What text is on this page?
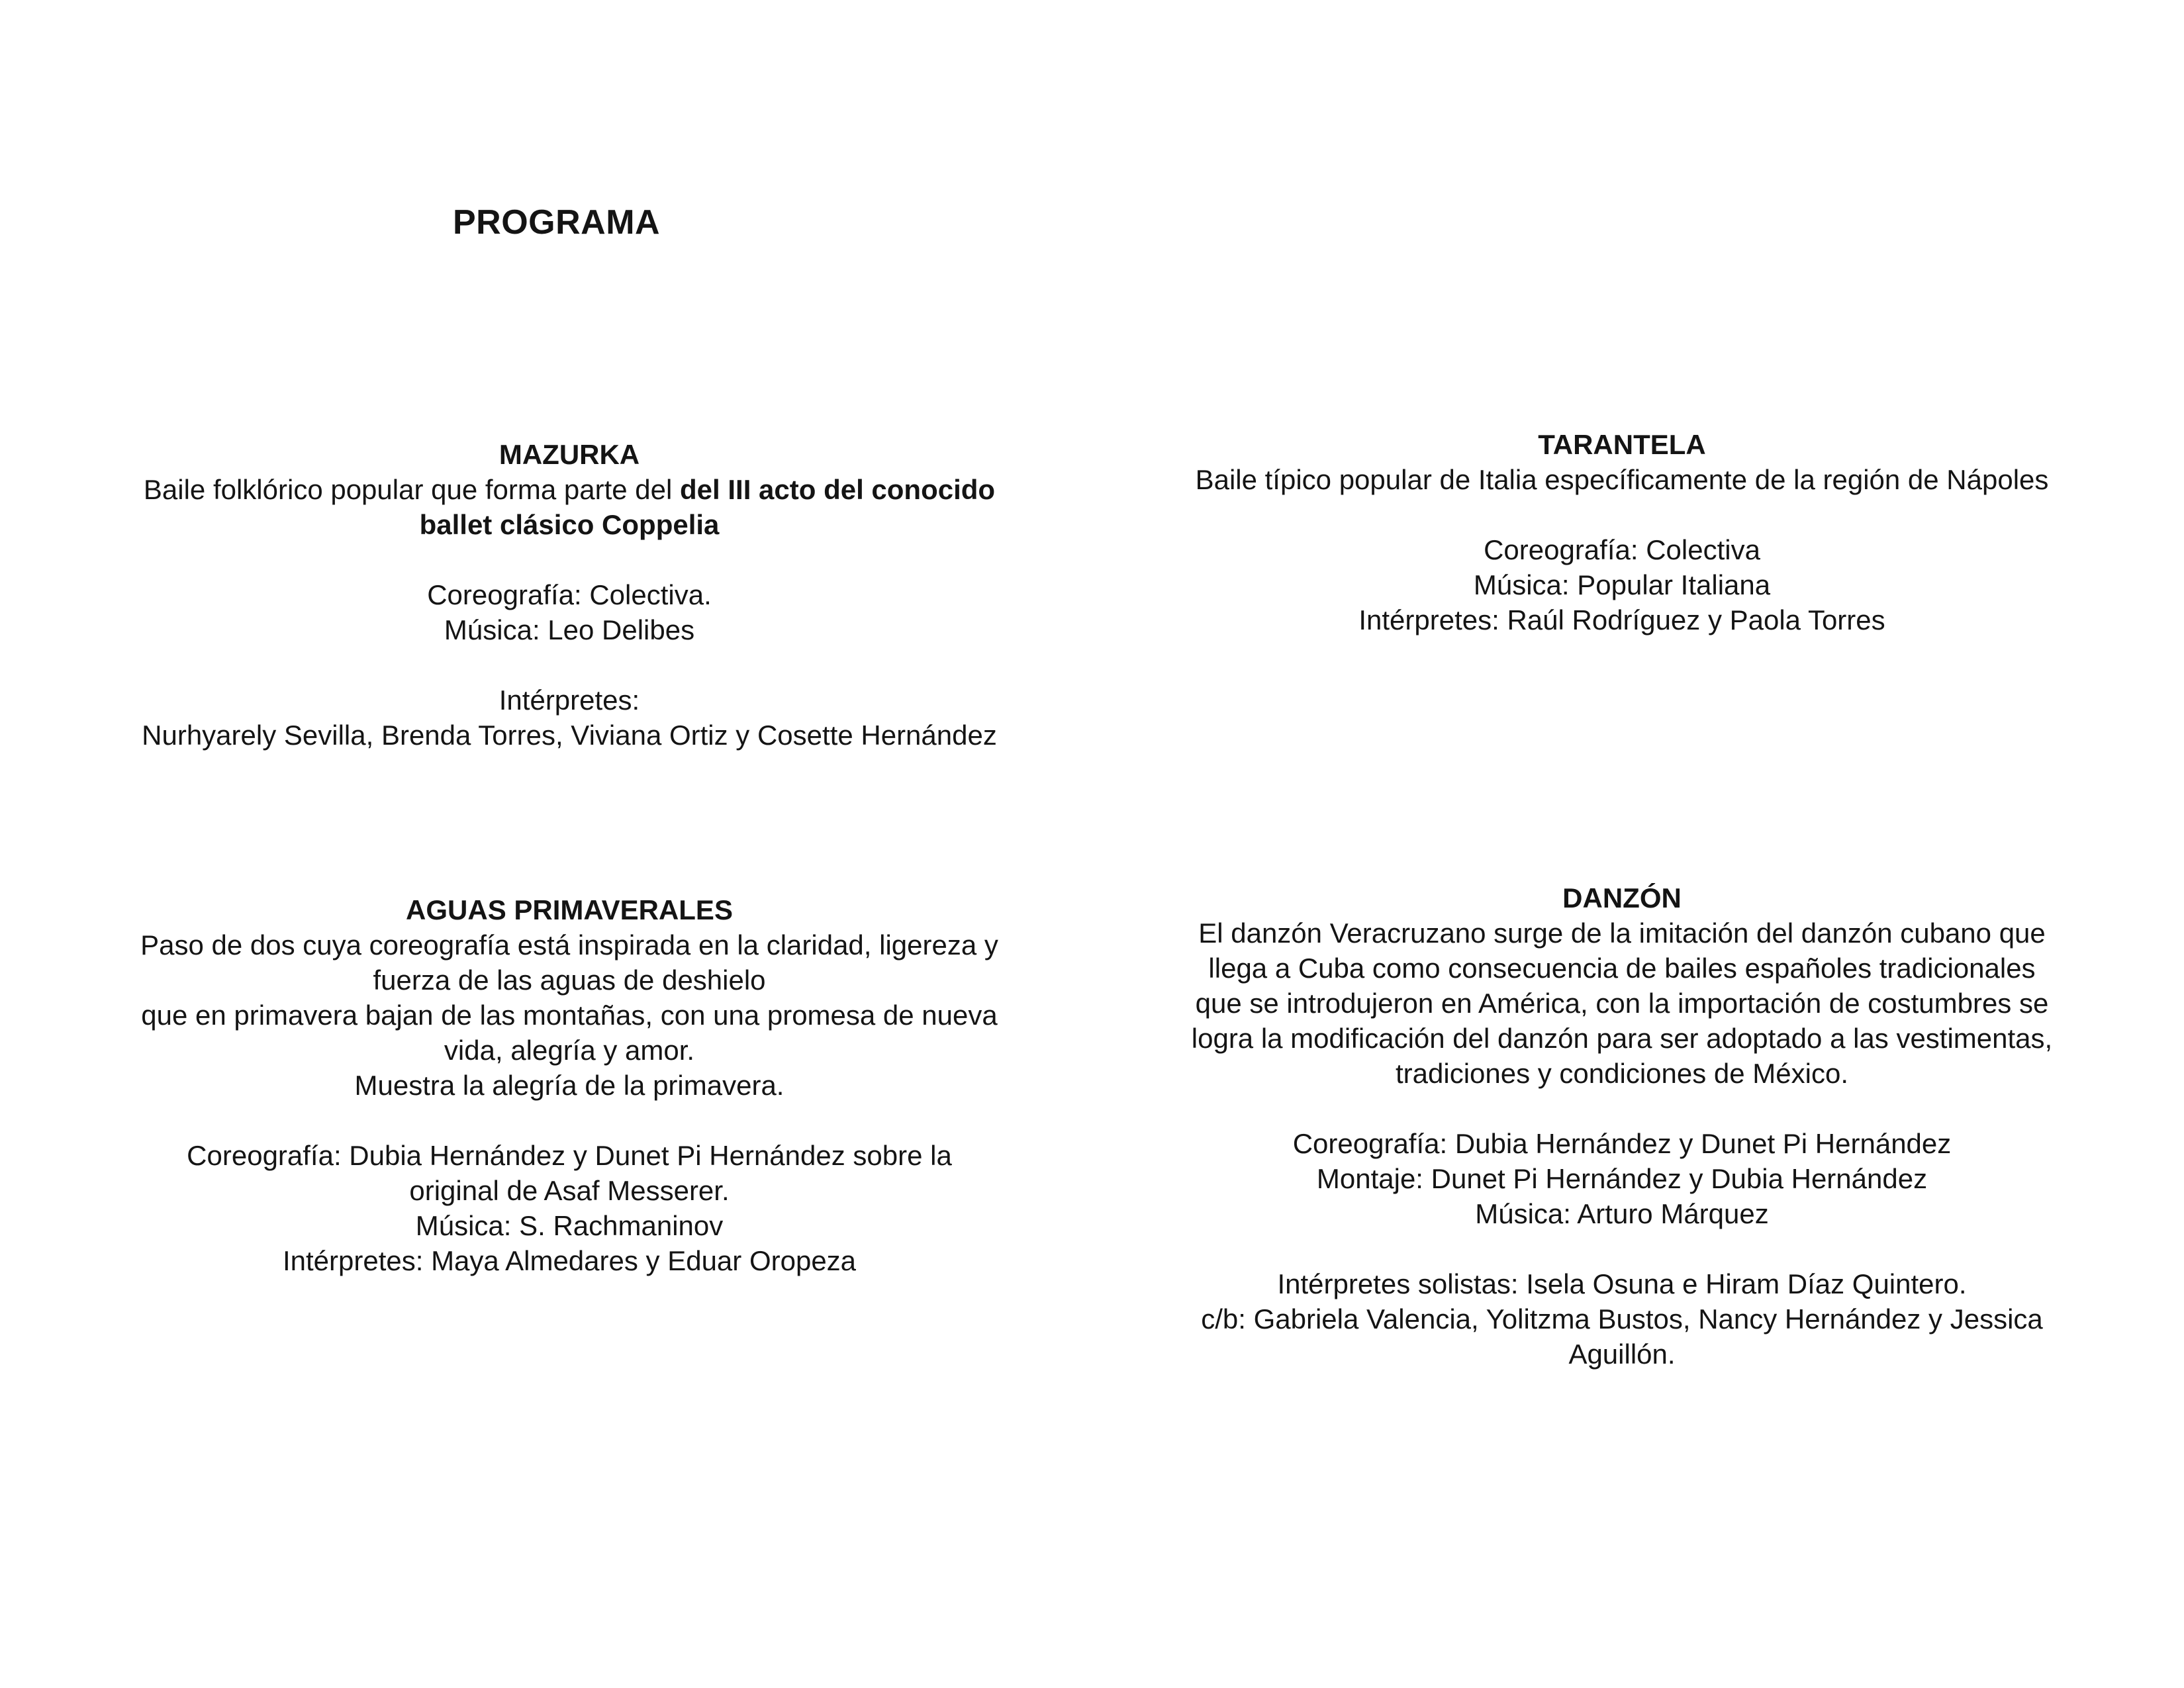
PROGRAMA
MAZURKA
Baile folklórico popular que forma parte del del III acto del conocido
ballet clásico Coppelia
Coreografía: Colectiva.
Música: Leo Delibes
Intérpretes:
Nurhyarely Sevilla, Brenda Torres, Viviana Ortiz y Cosette Hernández
TARANTELA
Baile típico popular de Italia específicamente de la región de Nápoles
Coreografía: Colectiva
Música: Popular Italiana
Intérpretes: Raúl Rodríguez y Paola Torres
AGUAS PRIMAVERALES
Paso de dos cuya coreografía está inspirada en la claridad, ligereza y
fuerza de las aguas de deshielo
que en primavera bajan de las montañas, con una promesa de nueva
vida, alegría y amor.
Muestra la alegría de la primavera.
Coreografía: Dubia Hernández y Dunet Pi Hernández sobre la
original de Asaf Messerer.
Música: S. Rachmaninov
Intérpretes: Maya Almedares y Eduar Oropeza
DANZÓN
El danzón Veracruzano surge de la imitación del danzón cubano que
llega a Cuba como consecuencia de bailes españoles tradicionales
que se introdujeron en América, con la importación de costumbres se
logra la modificación del danzón para ser adoptado a las vestimentas,
tradiciones y condiciones de México.
Coreografía: Dubia Hernández y Dunet Pi Hernández
Montaje: Dunet Pi Hernández y Dubia Hernández
Música: Arturo Márquez
Intérpretes solistas: Isela Osuna e Hiram Díaz Quintero.
c/b: Gabriela Valencia, Yolitzma Bustos, Nancy Hernández y Jessica
Aguillón.
